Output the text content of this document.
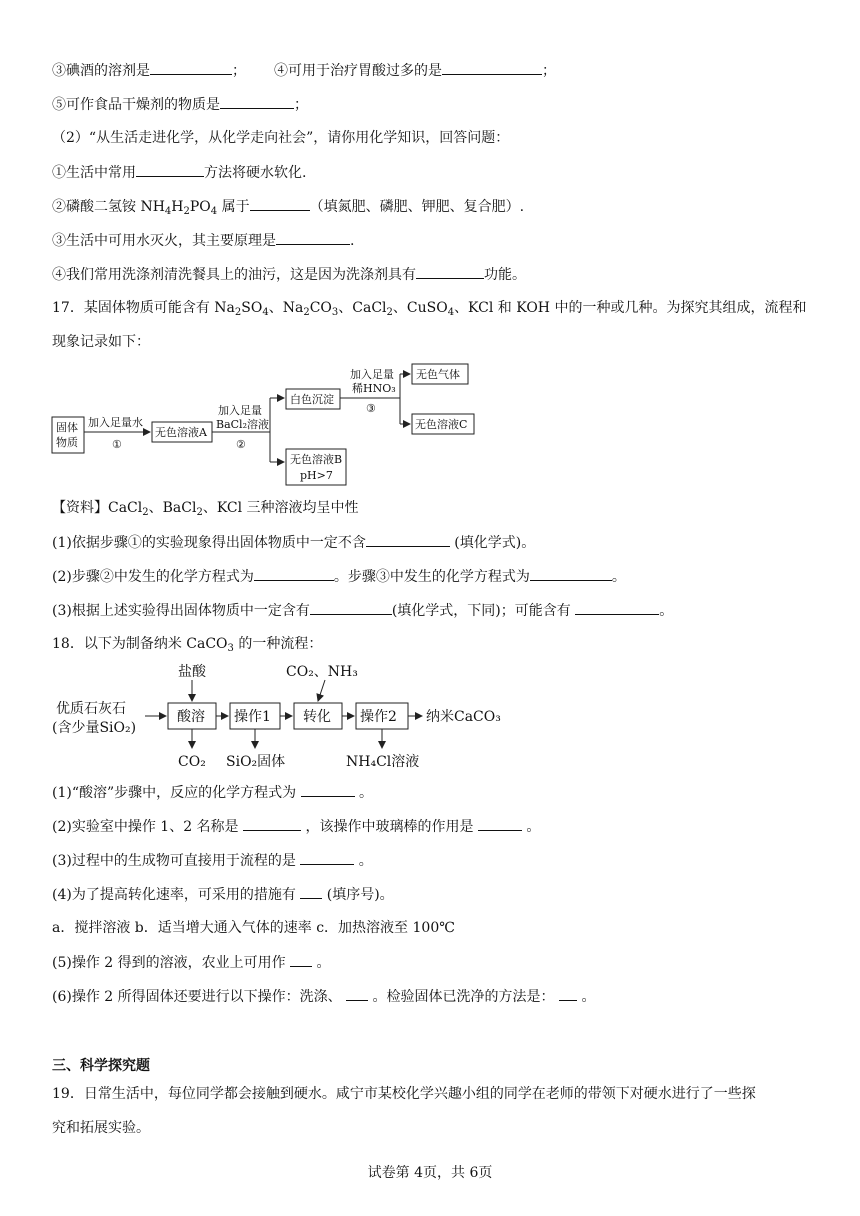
③碘酒的溶剂是	； ④可用于治疗胃酸过多的是	；
⑤可作食品干燥剂的物质是	；
（2）“从生活走进化学，从化学走向社会”，请你用化学知识，回答问题：
①生活中常用	方法将硬水软化.
②磷酸二氢铵 $NH_4H_2PO_4$ 属于	（填氮肥、磷肥、钾肥、复合肥）.
③生活中可用水灭火，其主要原理是	.
④我们常用洗涤剂清洗餐具上的油污，这是因为洗涤剂具有	功能。
17．某固体物质可能含有 $Na_2SO_4$、$Na_2CO_3$、CaCl$_2$、CuSO$_4$、KCl 和 KOH 中的一种或几种。为探究其组成，流程和
现象记录如下：
固体
物质
加入足量水
①
无色溶液A
加入足量
BaCl₂溶液
②
白色沉淀
无色溶液B
pH>7
加入足量
稀HNO₃
③
无色气体
无色溶液C
【资料】CaCl$_2$、BaCl$_2$、KCl 三种溶液均呈中性
(1)依据步骤①的实验现象得出固体物质中一定不含	(填化学式)。
(2)步骤②中发生的化学方程式为	。步骤③中发生的化学方程式为	。
(3)根据上述实验得出固体物质中一定含有	(填化学式，下同)；可能含有	。
18．以下为制备纳米 CaCO$_3$ 的一种流程：
盐酸	CO₂、NH₃
优质石灰石
(含少量SiO₂)
酸溶 操作1 转化 操作2 纳米CaCO₃
CO₂ SiO₂固体	NH₄Cl溶液
(1)“酸溶”步骤中，反应的化学方程式为	。
(2)实验室中操作 1、2 名称是	，该操作中玻璃棒的作用是	。
(3)过程中的生成物可直接用于流程的是	。
(4)为了提高转化速率，可采用的措施有  (填序号)。
a．搅拌溶液 b．适当增大通入气体的速率 c．加热溶液至 100℃
(5)操作 2 得到的溶液，农业上可用作  。
(6)操作 2 所得固体还要进行以下操作：洗涤、  。检验固体已洗净的方法是：  。
三、科学探究题
19．日常生活中，每位同学都会接触到硬水。咸宁市某校化学兴趣小组的同学在老师的带领下对硬水进行了一些探
究和拓展实验。
试卷第 4页，共 6页
